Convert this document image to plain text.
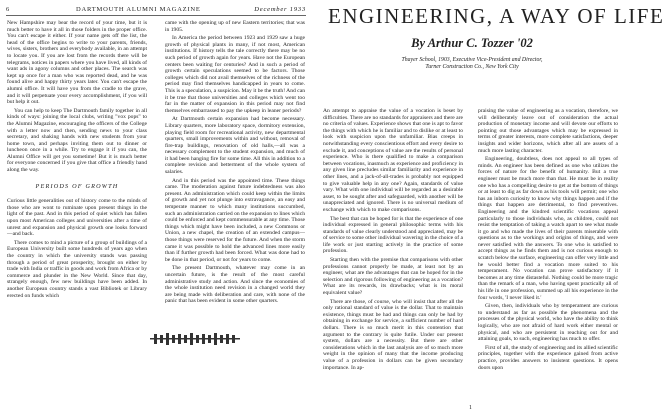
6	DARTMOUTH ALUMNI MAGAZINE	December 1933

New Hampshire may bear the record of your time, but it is much better to have it all in those folders in the proper office. You can't escape it either. If your name gets off the list, the head of the office begins to write to your parents, friends, wives, sisters, brothers and everybody available, in an attempt to locate you. If you are lost from the records there will be telegrams, notices in papers where you have lived, all kinds of want ads in agony columns and other places. The search was kept up once for a man who was reported dead, and he was found alive and happy thirty years later. You can't escape the alumni office. It will have you from the cradle to the grave, and it will perpetuate your every accomplishment, if you will but help it out.

You can help to keep The Dartmouth family together in all kinds of ways: joining the local clubs, writing "vox pops" to the Alumni Magazine, encouraging the officers of the College with a letter now and then, sending news to your class secretary, and shaking hands with new students from your home town, and perhaps inviting them out to dinner or luncheon once in a while. Try to engage it if you can, the Alumni Office will get you sometime! But it is much better for everyone concerned if you give that office a friendly hand along the way.

PERIODS OF GROWTH

Curious little generalities out of history come to the minds of those who are wont to ruminate upon present things in the light of the past. And in this period of quiet which has fallen upon most American colleges and universities after a time of unrest and expansion and physical growth one looks forward—and back.

There comes to mind a picture of a group of buildings of a European University built some hundreds of years ago when the country in which the university stands was passing through a period of great prosperity, brought on either by trade with India or traffic in goods and work from Africa or by commerce and plunder in the New World. Since that day, strangely enough, few new buildings have been added. In another European country stands a vast Bibliotek or Library erected on funds which

came with the opening up of new Eastern territories; that was in 1905.

In America the period between 1923 and 1929 saw a huge growth of physical plants in many, if not most, American institutions. If history tells the tale correctly there may be no such period of growth again for years. Have not the European centers been waiting for centuries? And in such a period of growth certain speculations seemed to be factors. Those colleges which did not avail themselves of the richness of the period may find themselves handicapped in years to come. This is a speculation, a suspicion. May it be the truth! And can it be true that those universities and colleges which went too far in the matter of expansion in this period may not find themselves embarrassed to pay the upkeep in leaner periods?

At Dartmouth certain expansion had become necessary. Library quarters, more laboratory space, dormitory extension, playing field room for recreational activity, new departmental quarters, small improvements within and without, removal of fire-trap buildings, renovation of old halls,—all was a necessary complement to the student expansion, and much of it had been hanging fire for some time. All this in addition to a complete revision and betterment of the whole system of salaries.

And in this period was the appointed time. These things came. The moderation against future indebtedness was also present. An administration which could keep within the limits of growth and yet not plunge into extravagance, an easy and temperate manner to which many institutions succumbed, such an administration carried on the expansion to lines which could be enforced and kept commensurable at any time. Those things which might have been included, a new Commons or Union, a new chapel, the creation of an extended campus—those things were reserved for the future. And when the storm came it was possible to hold the advanced lines more easily than if further growth had been forced. What was done had to be done in that period, or not for years to come.

The present Dartmouth, whatever may come in an uncertain future, is the result of the most careful administrative study and action. And since the economies of the whole institution need revision in a changed world they are being made with deliberation and care, with none of the panic that has been evident in some other quarters.

ENGINEERING, A WAY OF LIFE
By Arthur C. Tozzer '02
Thayer School, 1903, Executive Vice-President and Director,
Turner Construction Co., New York City

An attempt to appraise the value of a vocation is beset by difficulties. There are no standards for appraisers and there are no criteria of values. Experience shows that one is apt to favor the things with which he is familiar and to dislike or at least to look with suspicion upon the unfamiliar. Bias creeps in notwithstanding every conscientious effort and every desire to exclude it, and conceptions of value are the results of personal experience. Who is there qualified to make a comparison between vocations, inasmuch as experience and proficiency in any given line precludes similar familiarity and experience in other lines, and a jack-of-all-trades is probably not equipped to give valuable help in any one? Again, standards of value vary. What with one individual will be regarded as a desirable asset, to be sought after and safeguarded, with another will be unappreciated and ignored. There is no universal medium of exchange with which to make comparisons.

The best that can be hoped for is that the experience of one individual expressed in general philosophic terms with his standards of value clearly understood and appreciated, may be of service to some other individual wavering in the choice of a life work or just starting actively in the practice of some profession.

Starting then with the premise that comparisons with other professions cannot properly be made, at least not by an engineer, what are the advantages that can be hoped for in the selection and rigorous following of engineering as a vocation? What are its rewards, its drawbacks; what is its moral equivalent value?

There are those, of course, who will insist that after all the only rational standard of value is the dollar. That to maintain existence, things must be had and things can only be had by obtaining in exchange for service, a sufficient number of hard dollars. There is so much merit in this contention that argument to the contrary is quite futile. Under our present system, dollars are a necessity. But there are other considerations which in the last analysis are of so much more weight in the opinion of many that the income producing value of a profession in dollars can be given secondary importance. In ap-

praising the value of engineering as a vocation, therefore, we will deliberately leave out of consideration the actual production of monetary income and will devote our efforts to pointing out those advantages which may be expressed in terms of greater interests, more complete satisfactions, deeper insights and wider horizons, which after all are assets of a much more lasting character.

Engineering, doubtless, does not appeal to all types of minds. An engineer has been defined as one who utilizes the forces of nature for the benefit of humanity. But a true engineer must be much more than that. He must be in reality one who has a compelling desire to get at the bottom of things or at least to dig as far down as his tools will permit; one who has an inborn curiosity to know why things happen and if the things that happen are detrimental, to find preventives. Engineering and the kindred scientific vocations appeal particularly to those individuals who, as children, could not resist the temptation of taking a watch apart to see what made it go and who made the lives of their parents miserable with questions as to the workings and origins of things, and were never satisfied with the answers. To one who is satisfied to accept things as he finds them and is not curious enough to scratch below the surface, engineering can offer very little and he would better find a vocation more suited to his temperament. No vocation can prove satisfactory if it becomes at any time distasteful. Nothing could be more tragic than the remark of a man, who having spent practically all of his life in one profession, summed up all his experience in the four words, 'I never liked it.'

Given, then, individuals who by temperament are curious to understand as far as possible the phenomena and the processes of the physical world, who have the ability to think logically, who are not afraid of hard work either mental or physical, and who are persistent in reaching out for and attaining goals, to such, engineering has much to offer.

First of all, the study of engineering and its allied scientific principles, together with the experience gained from active practice, provides answers to insistent questions. It opens doors upon

1
